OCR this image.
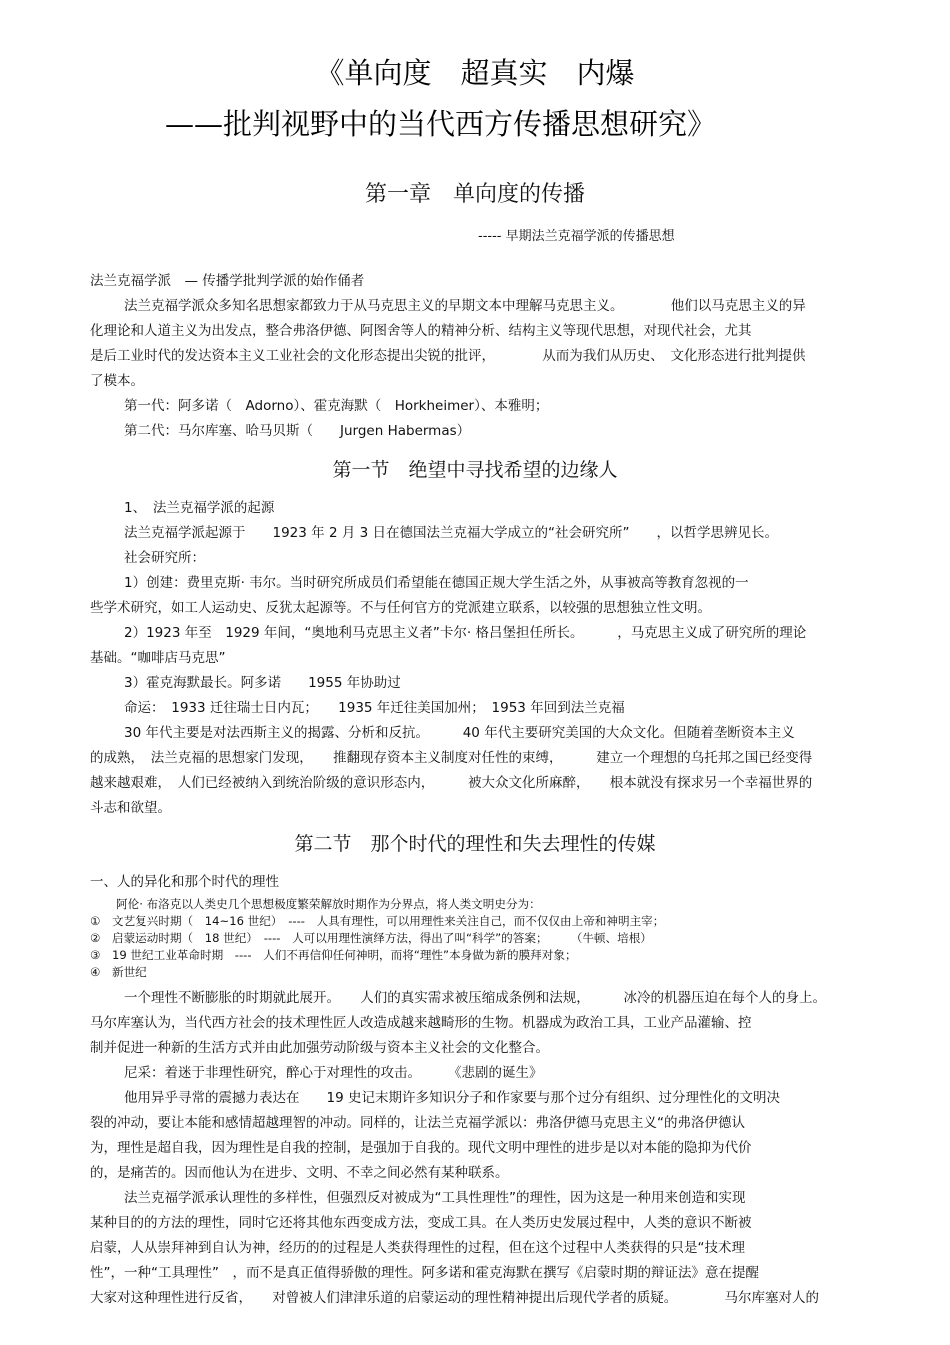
《单向度　超真实　内爆
——批判视野中的当代西方传播思想研究》
第一章　单向度的传播
----- 早期法兰克福学派的传播思想
法兰克福学派　— 传播学批判学派的始作俑者
法兰克福学派众多知名思想家都致力于从马克思主义的早期文本中理解马克思主义。　　　　他们以马克思主义的异
化理论和人道主义为出发点，整合弗洛伊德、阿图舍等人的精神分析、结构主义等现代思想，对现代社会，尤其
是后工业时代的发达资本主义工业社会的文化形态提出尖锐的批评，　　　　从而为我们从历史、　文化形态进行批判提供
了模本。
第一代：阿多诺（　Adorno）、霍克海默（　Horkheimer）、本雅明；
第二代：马尔库塞、哈马贝斯（　　Jurgen Habermas）
第一节　绝望中寻找希望的边缘人
1、　法兰克福学派的起源
法兰克福学派起源于　　1923 年 2 月 3 日在德国法兰克福大学成立的“社会研究所”　　，以哲学思辨见长。
社会研究所：
1）创建：费里克斯· 韦尔。当时研究所成员们希望能在德国正规大学生活之外，从事被高等教育忽视的一
些学术研究，如工人运动史、反犹太起源等。不与任何官方的党派建立联系，以较强的思想独立性文明。
2）1923 年至　1929 年间，“奥地利马克思主义者”卡尔· 格吕堡担任所长。　　　，马克思主义成了研究所的理论
基础。“咖啡店马克思”
3）霍克海默最长。阿多诺　　1955 年协助过
命运：　1933 迁往瑞士日内瓦；　　1935 年迁往美国加州；　1953 年回到法兰克福
30 年代主要是对法西斯主义的揭露、分析和反抗。　　　40 年代主要研究美国的大众文化。但随着垄断资本主义
的成熟，　法兰克福的思想家门发现，　　推翻现存资本主义制度对任性的束缚，　　　建立一个理想的乌托邦之国已经变得
越来越艰难，　人们已经被纳入到统治阶级的意识形态内，　　　被大众文化所麻醉，　　根本就没有探求另一个幸福世界的
斗志和欲望。
第二节　那个时代的理性和失去理性的传媒
一、人的异化和那个时代的理性
阿伦· 布洛克以人类史几个思想极度繁荣解放时期作为分界点，将人类文明史分为：
①　文艺复兴时期（　14~16 世纪）　----　人具有理性，可以用理性来关注自己，而不仅仅由上帝和神明主宰；
②　启蒙运动时期（　18 世纪）　----　人可以用理性演绎方法，得出了叫“科学”的答案；　　　（牛顿、培根）
③　19 世纪工业革命时期　----　人们不再信仰任何神明，而将“理性”本身做为新的膜拜对象；
④　新世纪
一个理性不断膨胀的时期就此展开。　　人们的真实需求被压缩成条例和法规，　　　冰冷的机器压迫在每个人的身上。
马尔库塞认为，当代西方社会的技术理性匠人改造成越来越畸形的生物。机器成为政治工具，工业产品灌输、控
制并促进一种新的生活方式并由此加强劳动阶级与资本主义社会的文化整合。
尼采：着迷于非理性研究，醉心于对理性的攻击。　　　《悲剧的诞生》
他用异乎寻常的震撼力表达在　　19 史记末期许多知识分子和作家要与那个过分有组织、过分理性化的文明决
裂的冲动，要让本能和感情超越理智的冲动。同样的，让法兰克福学派以：弗洛伊德马克思主义“的弗洛伊德认
为，理性是超自我，因为理性是自我的控制，是强加于自我的。现代文明中理性的进步是以对本能的隐抑为代价
的，是痛苦的。因而他认为在进步、文明、不幸之间必然有某种联系。
法兰克福学派承认理性的多样性，但强烈反对被成为“工具性理性”的理性，因为这是一种用来创造和实现
某种目的的方法的理性，同时它还将其他东西变成方法，变成工具。在人类历史发展过程中，人类的意识不断被
启蒙，人从崇拜神到自认为神，经历的的过程是人类获得理性的过程，但在这个过程中人类获得的只是“技术理
性”，一种“工具理性”　，而不是真正值得骄傲的理性。阿多诺和霍克海默在撰写《启蒙时期的辩证法》意在提醒
大家对这种理性进行反省，　　对曾被人们津津乐道的启蒙运动的理性精神提出后现代学者的质疑。　　　　马尔库塞对人的
